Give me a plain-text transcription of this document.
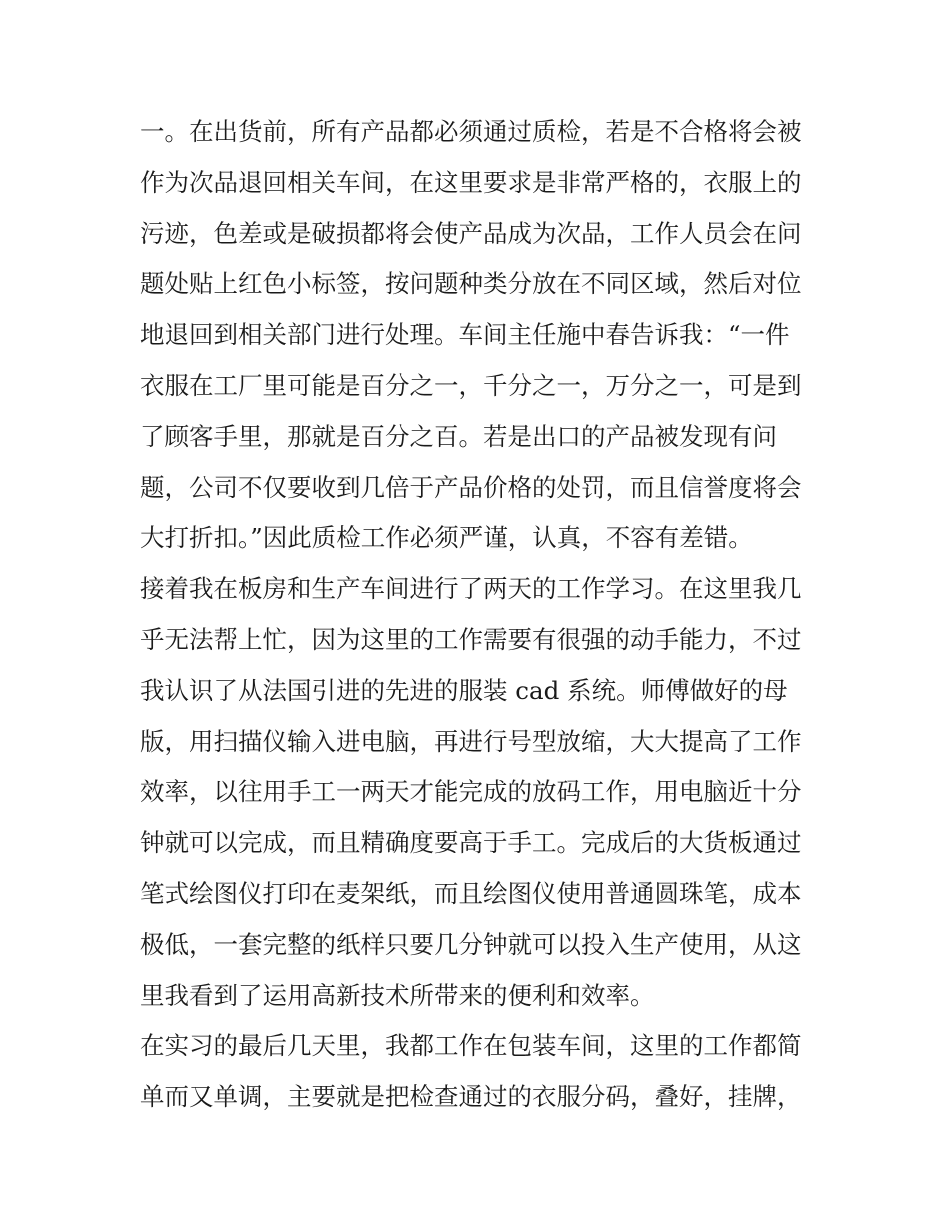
一。在出货前，所有产品都必须通过质检，若是不合格将会被
作为次品退回相关车间，在这里要求是非常严格的，衣服上的
污迹，色差或是破损都将会使产品成为次品，工作人员会在问
题处贴上红色小标签，按问题种类分放在不同区域，然后对位
地退回到相关部门进行处理。车间主任施中春告诉我：“一件
衣服在工厂里可能是百分之一，千分之一，万分之一，可是到
了顾客手里，那就是百分之百。若是出口的产品被发现有问
题，公司不仅要收到几倍于产品价格的处罚，而且信誉度将会
大打折扣。”因此质检工作必须严谨，认真，不容有差错。
接着我在板房和生产车间进行了两天的工作学习。在这里我几
乎无法帮上忙，因为这里的工作需要有很强的动手能力，不过
我认识了从法国引进的先进的服装 cad 系统。师傅做好的母
版，用扫描仪输入进电脑，再进行号型放缩，大大提高了工作
效率，以往用手工一两天才能完成的放码工作，用电脑近十分
钟就可以完成，而且精确度要高于手工。完成后的大货板通过
笔式绘图仪打印在麦架纸，而且绘图仪使用普通圆珠笔，成本
极低，一套完整的纸样只要几分钟就可以投入生产使用，从这
里我看到了运用高新技术所带来的便利和效率。
在实习的最后几天里，我都工作在包装车间，这里的工作都简
单而又单调，主要就是把检查通过的衣服分码，叠好，挂牌，
